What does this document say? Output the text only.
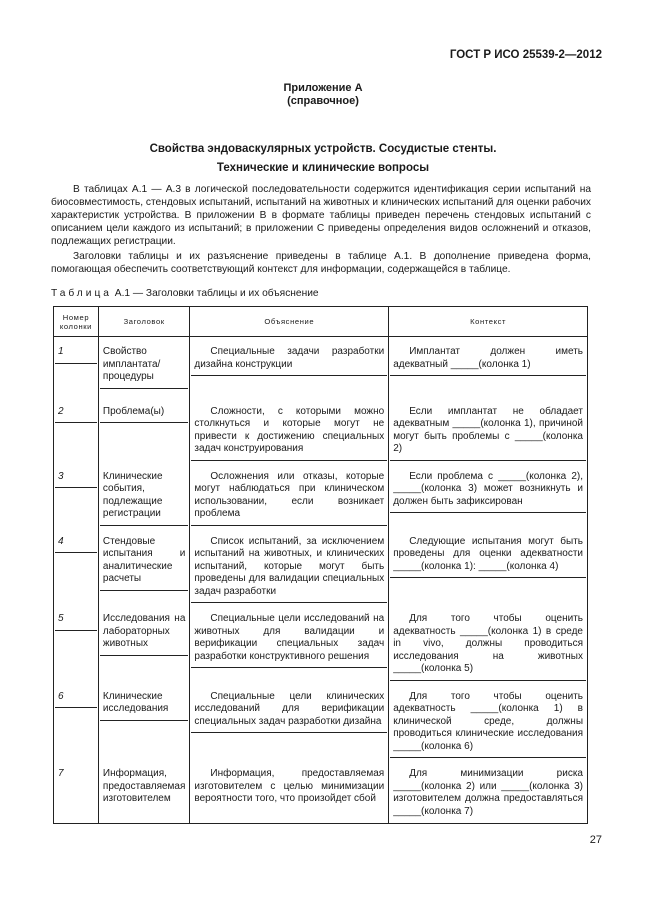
ГОСТ Р ИСО 25539-2—2012
Приложение А
(справочное)
Свойства эндоваскулярных устройств. Сосудистые стенты.
Технические и клинические вопросы
В таблицах А.1 — А.3 в логической последовательности содержится идентификация серии испытаний на биосовместимость, стендовых испытаний, испытаний на животных и клинических испытаний для оценки рабочих характеристик устройства. В приложении В в формате таблицы приведен перечень стендовых испытаний с описанием цели каждого из испытаний; в приложении С приведены определения видов осложнений и отказов, подлежащих регистрации.
Заголовки таблицы и их разъяснение приведены в таблице А.1. В дополнение приведена форма, помогающая обеспечить соответствующий контекст для информации, содержащейся в таблице.
Таблица А.1 — Заголовки таблицы и их объяснение
Номер колонки	Заголовок	Объяснение	Контекст

1	Свойство имплантата/ процедуры	Специальные задачи разработки дизайна конструкции	Имплантат должен иметь адекватный _____(колонка 1)

2	Проблема(ы)	Сложности, с которыми можно столкнуться и которые могут не привести к достижению специальных задач конструирования	Если имплантат не обладает адекватным _____(колонка 1), причиной могут быть проблемы с _____(колонка 2)

3	Клинические события, подлежащие регистрации	Осложнения или отказы, которые могут наблюдаться при клиническом использовании, если возникает проблема	Если проблема с _____(колонка 2), _____(колонка 3) может возникнуть и должен быть зафиксирован

4	Стендовые испытания и аналитические расчеты	Список испытаний, за исключением испытаний на животных, и клинических испытаний, которые могут быть проведены для валидации специальных задач разработки	Следующие испытания могут быть проведены для оценки адекватности _____(колонка 1): _____(колонка 4)

5	Исследования на лабораторных животных	Специальные цели исследований на животных для валидации и верификации специальных задач разработки конструктивного решения	Для того чтобы оценить адекватность _____(колонка 1) в среде in vivo, должны проводиться исследования на животных _____(колонка 5)

6	Клинические исследования	Специальные цели клинических исследований для верификации специальных задач разработки дизайна	Для того чтобы оценить адекватность _____(колонка 1) в клинической среде, должны проводиться клинические исследования _____(колонка 6)

7	Информация, предоставляемая изготовителем	Информация, предоставляемая изготовителем с целью минимизации вероятности того, что произойдет сбой	Для минимизации риска _____(колонка 2) или _____(колонка 3) изготовителем должна предоставляться _____(колонка 7)
27
